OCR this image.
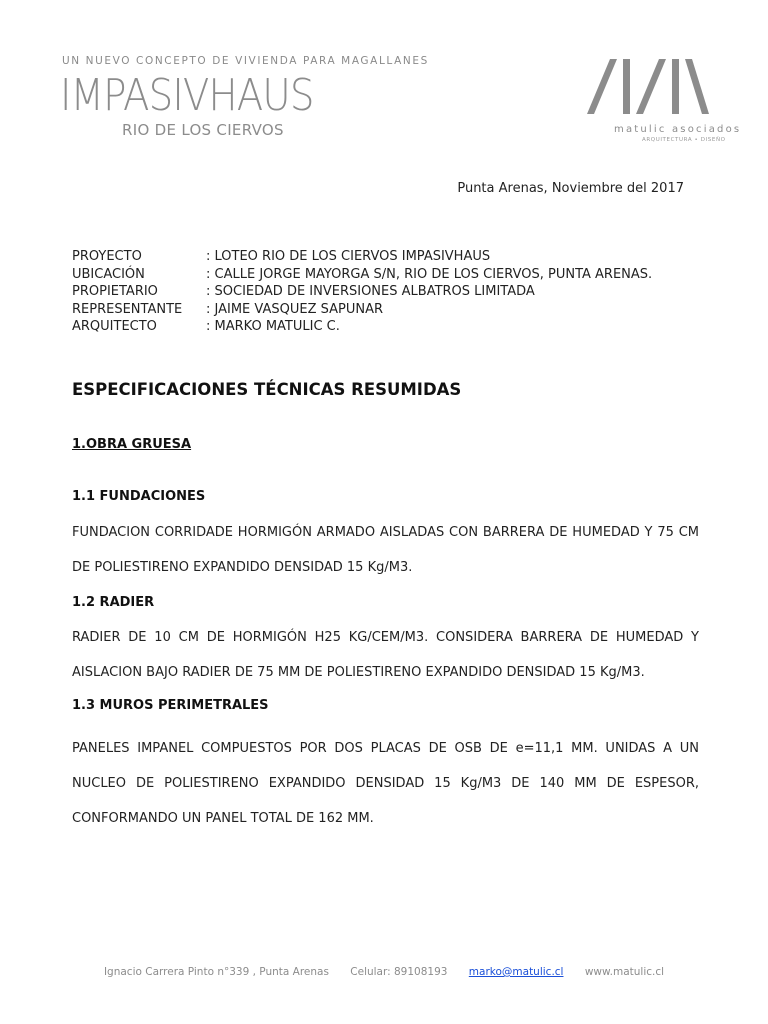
UN NUEVO CONCEPTO DE VIVIENDA PARA MAGALLANES
IMPASIVHAUS
RIO DE LOS CIERVOS	matulic asociados
ARQUITECTURA • DISEÑO
Punta Arenas, Noviembre del 2017
PROYECTO	: LOTEO RIO DE LOS CIERVOS IMPASIVHAUS
UBICACIÓN	: CALLE JORGE MAYORGA S/N, RIO DE LOS CIERVOS, PUNTA ARENAS.
PROPIETARIO	: SOCIEDAD DE INVERSIONES ALBATROS LIMITADA
REPRESENTANTE	: JAIME VASQUEZ SAPUNAR
ARQUITECTO	: MARKO MATULIC C.
ESPECIFICACIONES TÉCNICAS RESUMIDAS
1.OBRA GRUESA
1.1 FUNDACIONES
FUNDACION CORRIDADE HORMIGÓN ARMADO AISLADAS CON BARRERA DE HUMEDAD Y 75 CM DE POLIESTIRENO EXPANDIDO DENSIDAD 15 Kg/M3.
1.2 RADIER
RADIER DE 10 CM DE HORMIGÓN H25 KG/CEM/M3. CONSIDERA BARRERA DE HUMEDAD Y AISLACION BAJO RADIER DE 75 MM DE POLIESTIRENO EXPANDIDO DENSIDAD 15 Kg/M3.
1.3 MUROS PERIMETRALES
PANELES IMPANEL COMPUESTOS POR DOS PLACAS DE OSB DE e=11,1 MM. UNIDAS A UN NUCLEO DE POLIESTIRENO EXPANDIDO DENSIDAD 15 Kg/M3 DE 140 MM DE ESPESOR, CONFORMANDO UN PANEL TOTAL DE 162 MM.
Ignacio Carrera Pinto n°339 , Punta Arenas Celular: 89108193 marko@matulic.cl www.matulic.cl
